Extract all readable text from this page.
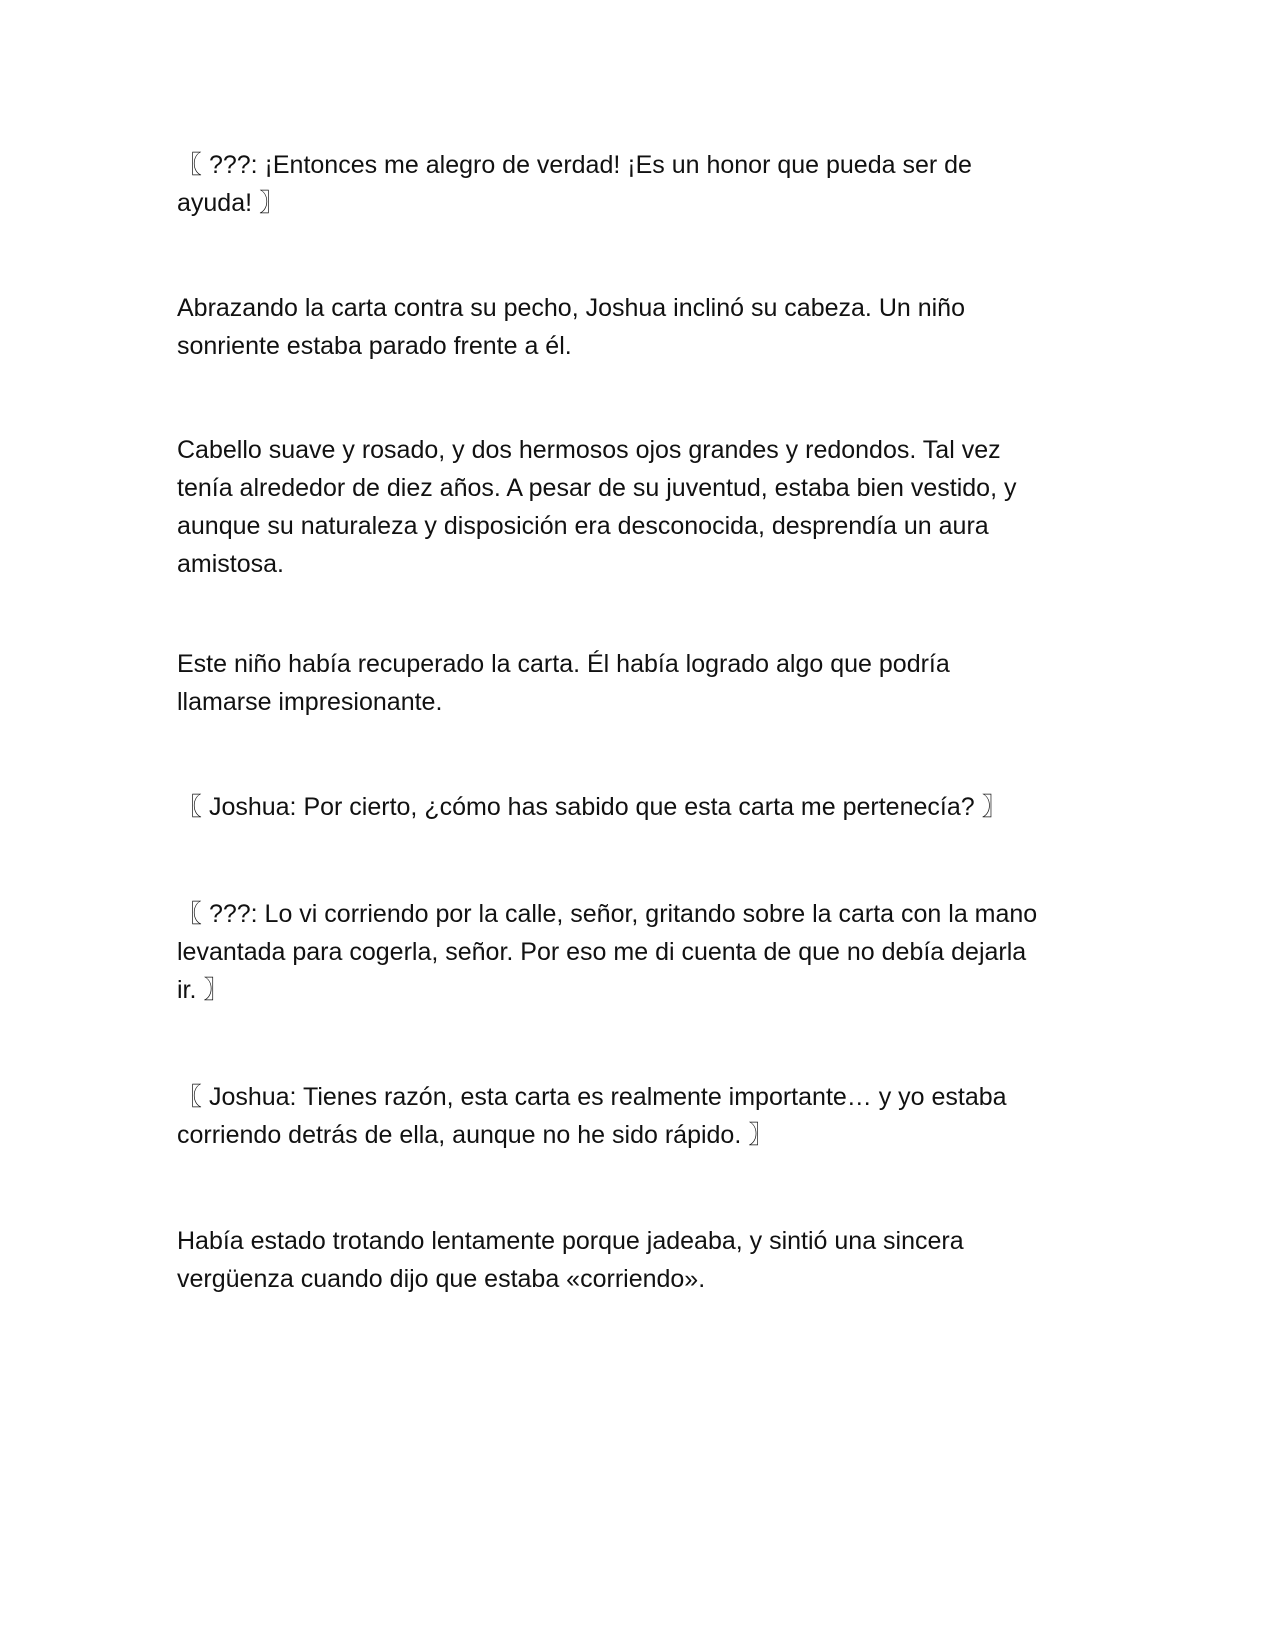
〖 ???: ¡Entonces me alegro de verdad! ¡Es un honor que pueda ser de
ayuda! 〗

Abrazando la carta contra su pecho, Joshua inclinó su cabeza. Un niño
sonriente estaba parado frente a él.

Cabello suave y rosado, y dos hermosos ojos grandes y redondos. Tal vez
tenía alrededor de diez años. A pesar de su juventud, estaba bien vestido, y
aunque su naturaleza y disposición era desconocida, desprendía un aura
amistosa.

Este niño había recuperado la carta. Él había logrado algo que podría
llamarse impresionante.

〖 Joshua: Por cierto, ¿cómo has sabido que esta carta me pertenecía? 〗

〖 ???: Lo vi corriendo por la calle, señor, gritando sobre la carta con la mano
levantada para cogerla, señor. Por eso me di cuenta de que no debía dejarla
ir. 〗

〖 Joshua: Tienes razón, esta carta es realmente importante… y yo estaba
corriendo detrás de ella, aunque no he sido rápido. 〗

Había estado trotando lentamente porque jadeaba, y sintió una sincera
vergüenza cuando dijo que estaba «corriendo».
